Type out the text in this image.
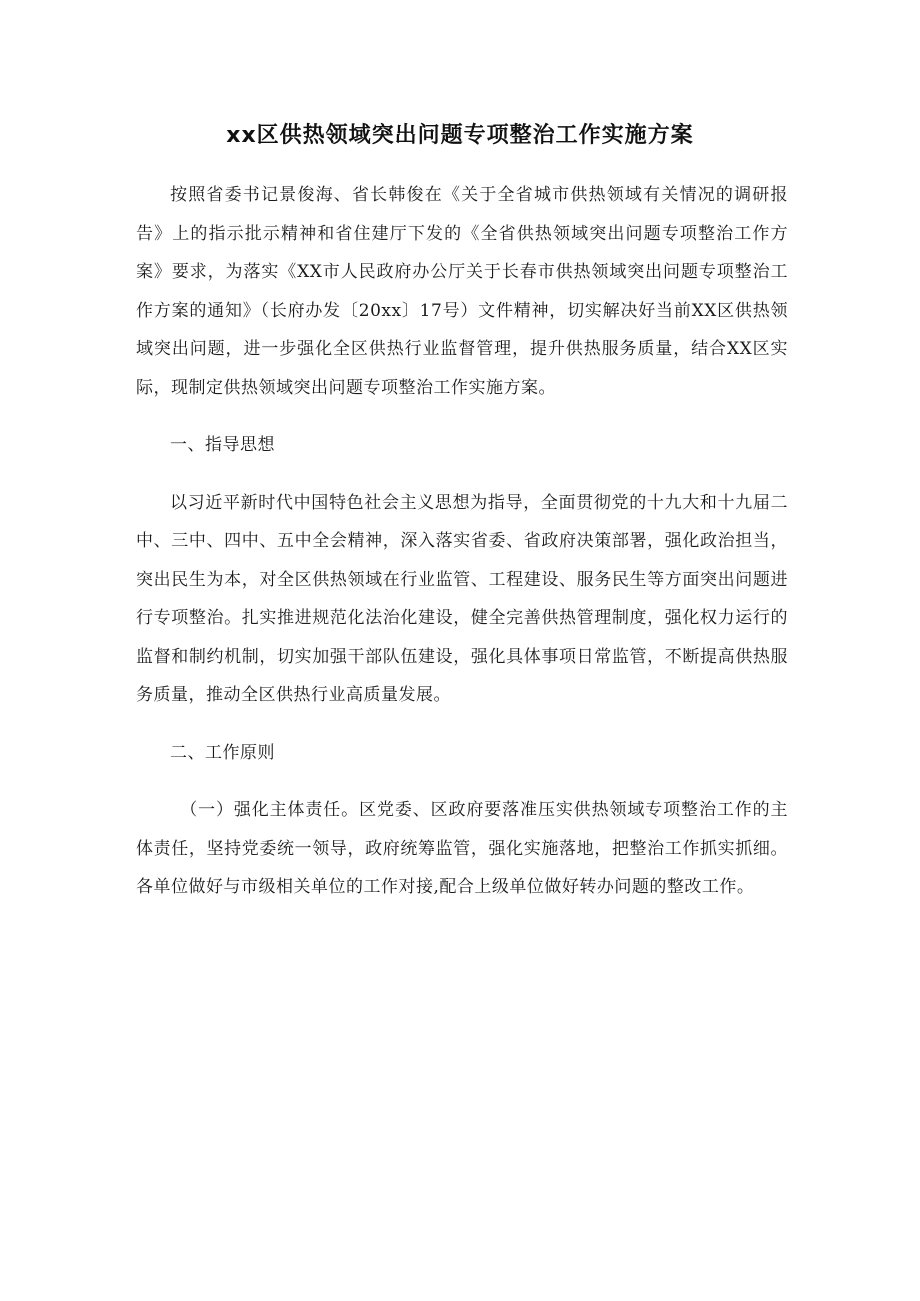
xx区供热领域突出问题专项整治工作实施方案

按照省委书记景俊海、省长韩俊在《关于全省城市供热领域有关情况的调研报告》上的指示批示精神和省住建厅下发的《全省供热领域突出问题专项整治工作方案》要求，为落实《XX市人民政府办公厅关于长春市供热领域突出问题专项整治工作方案的通知》（长府办发〔20xx〕17号）文件精神，切实解决好当前XX区供热领域突出问题，进一步强化全区供热行业监督管理，提升供热服务质量，结合XX区实际，现制定供热领域突出问题专项整治工作实施方案。

一、指导思想

以习近平新时代中国特色社会主义思想为指导，全面贯彻党的十九大和十九届二中、三中、四中、五中全会精神，深入落实省委、省政府决策部署，强化政治担当，突出民生为本，对全区供热领域在行业监管、工程建设、服务民生等方面突出问题进行专项整治。扎实推进规范化法治化建设，健全完善供热管理制度，强化权力运行的监督和制约机制，切实加强干部队伍建设，强化具体事项日常监管，不断提高供热服务质量，推动全区供热行业高质量发展。

二、工作原则

（一）强化主体责任。区党委、区政府要落准压实供热领域专项整治工作的主体责任，坚持党委统一领导，政府统筹监管，强化实施落地，把整治工作抓实抓细。各单位做好与市级相关单位的工作对接,配合上级单位做好转办问题的整改工作。
